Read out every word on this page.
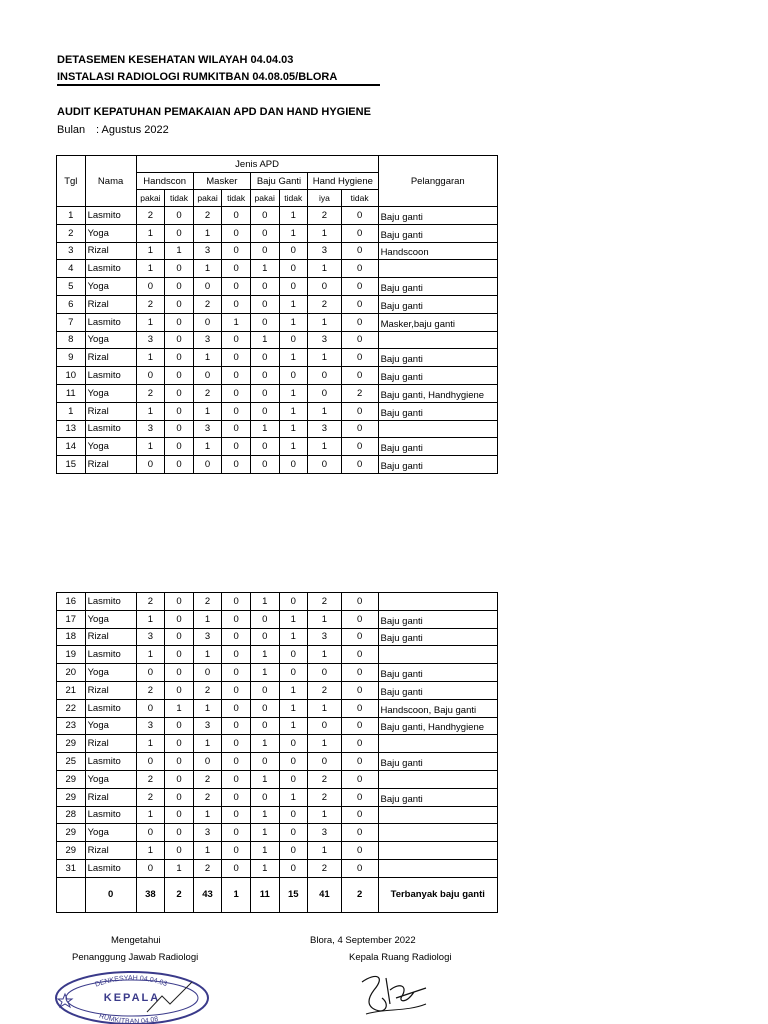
DETASEMEN KESEHATAN WILAYAH 04.04.03
INSTALASI RADIOLOGI RUMKITBAN 04.08.05/BLORA
AUDIT KEPATUHAN PEMAKAIAN APD DAN HAND HYGIENE
Bulan : Agustus 2022
Tgl	Nama	Jenis APD								Pelanggaran
		Handscon		Masker		Baju Ganti		Hand Hygiene		
		pakai	tidak	pakai	tidak	pakai	tidak	iya	tidak	
1	Lasmito	2	0	2	0	0	1	2	0	Baju ganti

2	Yoga	1	0	1	0	0	1	1	0	Baju ganti

3	Rizal	1	1	3	0	0	0	3	0	Handscoon

4	Lasmito	1	0	1	0	1	0	1	0	

5	Yoga	0	0	0	0	0	0	0	0	Baju ganti

6	Rizal	2	0	2	0	0	1	2	0	Baju ganti

7	Lasmito	1	0	0	1	0	1	1	0	Masker,baju ganti

8	Yoga	3	0	3	0	1	0	3	0	

9	Rizal	1	0	1	0	0	1	1	0	Baju ganti

10	Lasmito	0	0	0	0	0	0	0	0	Baju ganti

11	Yoga	2	0	2	0	0	1	0	2	Baju ganti, Handhygiene

1	Rizal	1	0	1	0	0	1	1	0	Baju ganti

13	Lasmito	3	0	3	0	1	1	3	0	

14	Yoga	1	0	1	0	0	1	1	0	Baju ganti

15	Rizal	0	0	0	0	0	0	0	0	Baju ganti
16	Lasmito	2	0	2	0	1	0	2	0	

17	Yoga	1	0	1	0	0	1	1	0	Baju ganti

18	Rizal	3	0	3	0	0	1	3	0	Baju ganti

19	Lasmito	1	0	1	0	1	0	1	0	

20	Yoga	0	0	0	0	1	0	0	0	Baju ganti

21	Rizal	2	0	2	0	0	1	2	0	Baju ganti

22	Lasmito	0	1	1	0	0	1	1	0	Handscoon, Baju ganti

23	Yoga	3	0	3	0	0	1	0	0	Baju ganti, Handhygiene

29	Rizal	1	0	1	0	1	0	1	0	

25	Lasmito	0	0	0	0	0	0	0	0	Baju ganti

29	Yoga	2	0	2	0	1	0	2	0	

29	Rizal	2	0	2	0	0	1	2	0	Baju ganti

28	Lasmito	1	0	1	0	1	0	1	0	

29	Yoga	0	0	3	0	1	0	3	0	

29	Rizal	1	0	1	0	1	0	1	0	

31	Lasmito	0	1	2	0	1	0	2	0	

	0	38	2	43	1	11	15	41	2	Terbanyak baju ganti
Mengetahui
Penanggung Jawab Radiologi
Blora, 4 September 2022
Kepala Ruang Radiologi
DENKESYAH 04.04.03
KEPALA
RUMKITBAN 04.08
